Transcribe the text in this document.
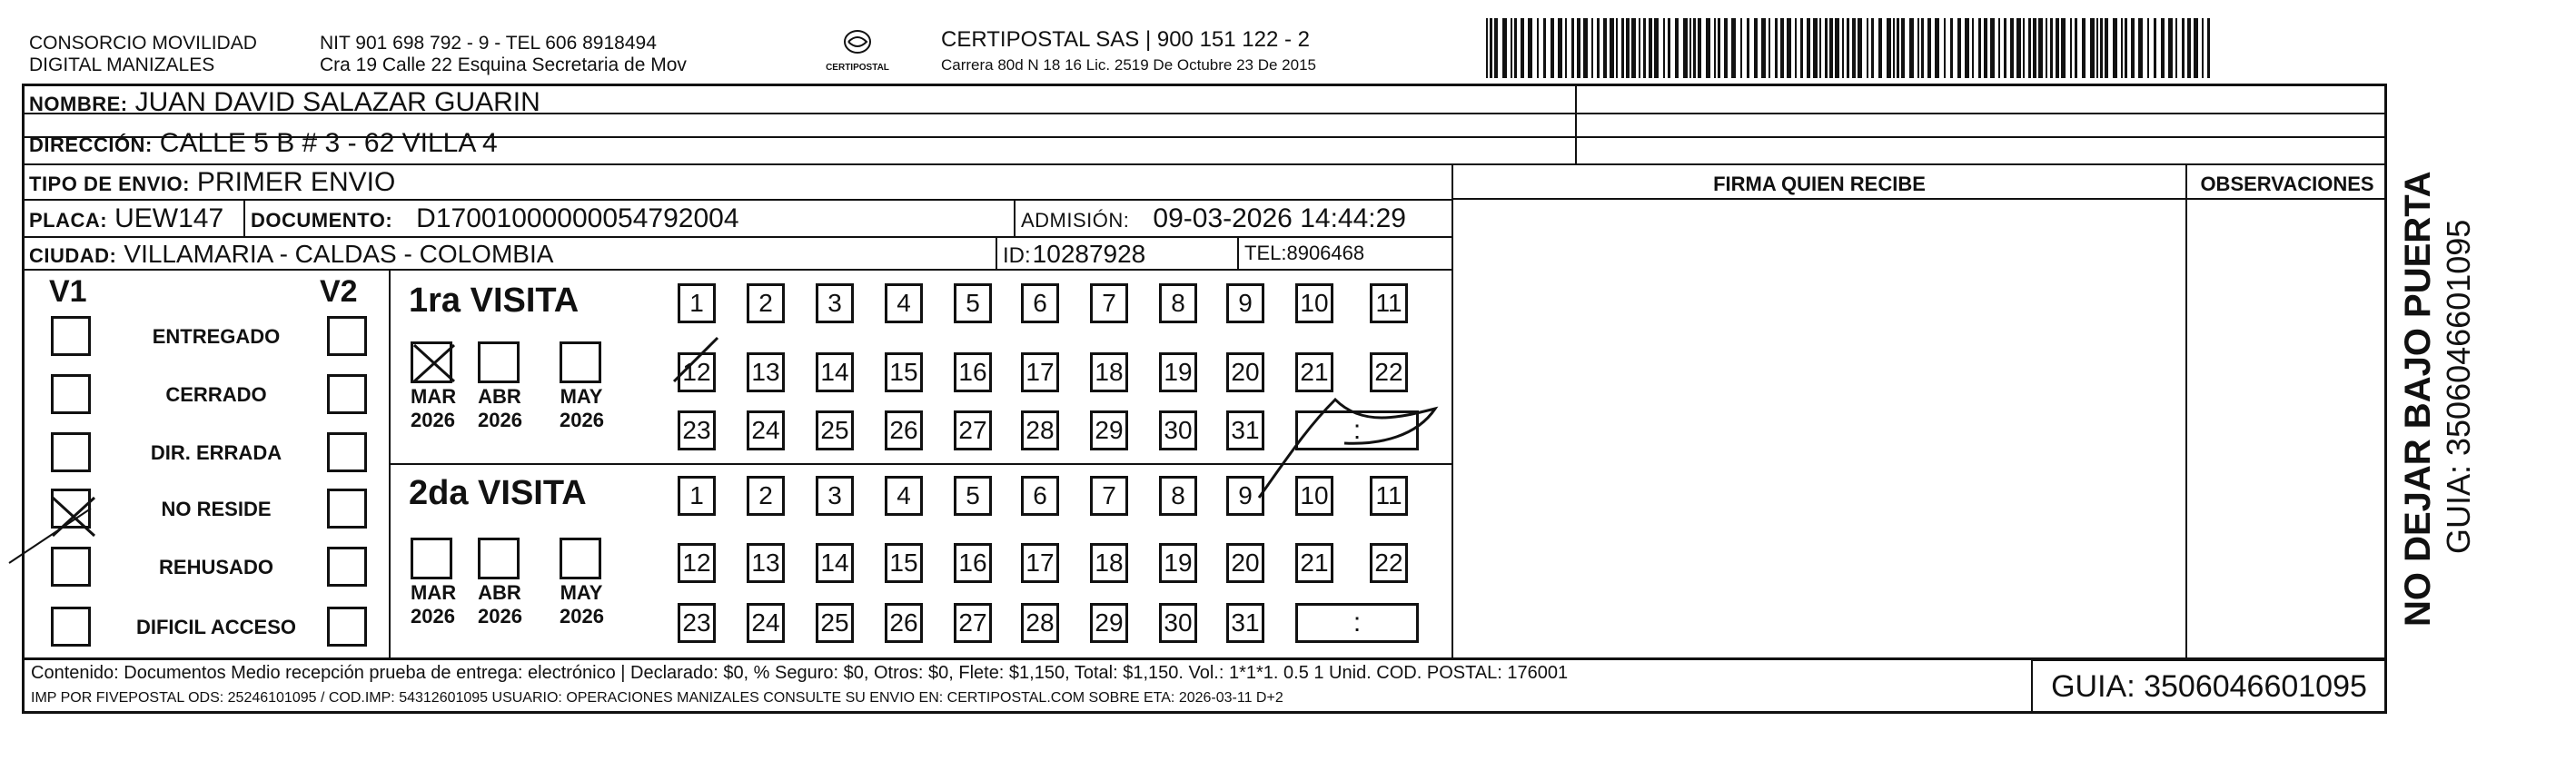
CONSORCIO MOVILIDAD
DIGITAL MANIZALES
NIT 901 698 792 - 9 - TEL 606 8918494
Cra 19 Calle 22 Esquina Secretaria de Mov	CERTIPOSTAL
CERTIPOSTAL SAS | 900 151 122 - 2
Carrera 80d N 18 16 Lic. 2519 De Octubre 23 De 2015
NOMBRE: JUAN DAVID SALAZAR GUARIN
DIRECCIÓN: CALLE 5 B # 3 - 62 VILLA 4
TIPO DE ENVIO: PRIMER ENVIO
PLACA: UEW147 DOCUMENTO: D17001000000054792004	ADMISIÓN: 09-03-2026 14:44:29
CIUDAD: VILLAMARIA - CALDAS - COLOMBIA	ID: 10287928	TEL: 8906468
FIRMA QUIEN RECIBE	OBSERVACIONES
V1	V2
ENTREGADO
CERRADO
DIR. ERRADA
NO RESIDE
REHUSADO
DIFICIL ACCESO
1ra VISITA
2da VISITA
MAR
2026
ABR
2026
MAY
2026
MAR
2026
ABR
2026
MAY
2026
1	2	3	4	5	6	7	8	9	10 11
12 13 14 15 16 17 18 19 20 21 22
23 24 25 26 27 28 29 30 31
1	2	3	4	5	6	7	8	9	10 11
12 13 14 15 16 17 18 19 20 21 22
23 24 25 26 27 28 29 30 31
:
:
Contenido: Documentos Medio recepción prueba de entrega: electrónico | Declarado: $0, % Seguro: $0, Otros: $0, Flete: $1,150, Total: $1,150. Vol.: 1*1*1. 0.5 1 Unid. COD. POSTAL: 176001
IMP POR FIVEPOSTAL ODS: 25246101095 / COD.IMP: 54312601095 USUARIO: OPERACIONES MANIZALES CONSULTE SU ENVIO EN: CERTIPOSTAL.COM SOBRE ETA: 2026-03-11 D+2	GUIA: 3506046601095
NO DEJAR BAJO PUERTA GUIA: 3506046601095
